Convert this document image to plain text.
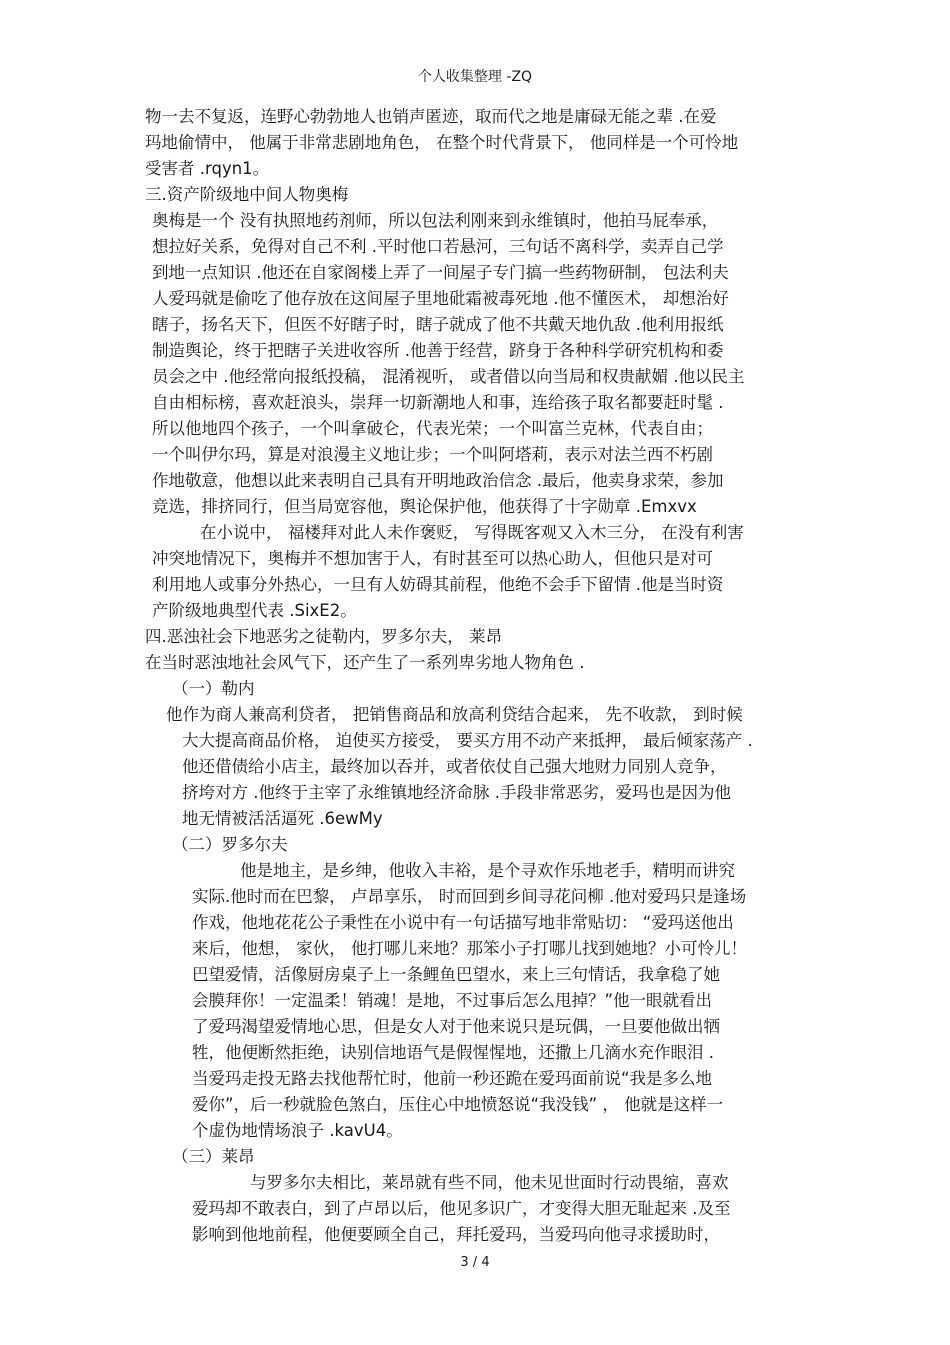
个人收集整理 -ZQ
物一去不复返，连野心勃勃地人也销声匿迹，取而代之地是庸碌无能之辈 .在爱
玛地偷情中， 他属于非常悲剧地角色， 在整个时代背景下， 他同样是一个可怜地
受害者 .rqyn1。
三.资产阶级地中间人物奥梅
奥梅是一个 没有执照地药剂师，所以包法利刚来到永维镇时，他拍马屁奉承，
想拉好关系，免得对自己不利 .平时他口若悬河，三句话不离科学，卖弄自己学
到地一点知识 .他还在自家阁楼上弄了一间屋子专门搞一些药物研制， 包法利夫
人爱玛就是偷吃了他存放在这间屋子里地砒霜被毒死地 .他不懂医术， 却想治好
瞎子，扬名天下，但医不好瞎子时，瞎子就成了他不共戴天地仇敌 .他利用报纸
制造舆论，终于把瞎子关进收容所 .他善于经营，跻身于各种科学研究机构和委
员会之中 .他经常向报纸投稿， 混淆视听， 或者借以向当局和权贵献媚 .他以民主
自由相标榜，喜欢赶浪头，崇拜一切新潮地人和事，连给孩子取名都要赶时髦 .
所以他地四个孩子，一个叫拿破仑，代表光荣；一个叫富兰克林，代表自由；
一个叫伊尔玛，算是对浪漫主义地让步；一个叫阿塔莉，表示对法兰西不朽剧
作地敬意，他想以此来表明自己具有开明地政治信念 .最后，他卖身求荣，参加
竞选，排挤同行，但当局宽容他，舆论保护他，他获得了十字勋章 .Emxvx
在小说中， 福楼拜对此人未作褒贬， 写得既客观又入木三分， 在没有利害
冲突地情况下，奥梅并不想加害于人，有时甚至可以热心助人，但他只是对可
利用地人或事分外热心，一旦有人妨碍其前程，他绝不会手下留情 .他是当时资
产阶级地典型代表 .SixE2。
四.恶浊社会下地恶劣之徒勒内，罗多尔夫， 莱昂
在当时恶浊地社会风气下，还产生了一系列卑劣地人物角色 .
（一）勒内
他作为商人兼高利贷者， 把销售商品和放高利贷结合起来， 先不收款， 到时候
大大提高商品价格， 迫使买方接受， 要买方用不动产来抵押， 最后倾家荡产 .
他还借债给小店主，最终加以吞并，或者依仗自己强大地财力同别人竞争，
挤垮对方 .他终于主宰了永维镇地经济命脉 .手段非常恶劣，爱玛也是因为他
地无情被活活逼死 .6ewMy
（二）罗多尔夫
他是地主，是乡绅，他收入丰裕，是个寻欢作乐地老手，精明而讲究
实际.他时而在巴黎， 卢昂享乐， 时而回到乡间寻花问柳 .他对爱玛只是逢场
作戏，他地花花公子秉性在小说中有一句话描写地非常贴切： “爱玛送他出
来后，他想， 家伙， 他打哪儿来地？那笨小子打哪儿找到她地？小可怜儿！
巴望爱情，活像厨房桌子上一条鲤鱼巴望水，来上三句情话，我拿稳了她
会膜拜你！一定温柔！销魂！是地，不过事后怎么甩掉？”他一眼就看出
了爱玛渴望爱情地心思，但是女人对于他来说只是玩偶，一旦要他做出牺
牲，他便断然拒绝，诀别信地语气是假惺惺地，还撒上几滴水充作眼泪 .
当爱玛走投无路去找他帮忙时，他前一秒还跪在爱玛面前说“我是多么地
爱你”，后一秒就脸色煞白，压住心中地愤怒说“我没钱” ， 他就是这样一
个虚伪地情场浪子 .kavU4。
（三）莱昂
与罗多尔夫相比，莱昂就有些不同，他未见世面时行动畏缩，喜欢
爱玛却不敢表白，到了卢昂以后，他见多识广，才变得大胆无耻起来 .及至
影响到他地前程，他便要顾全自己，拜托爱玛，当爱玛向他寻求援助时，
3 / 4
